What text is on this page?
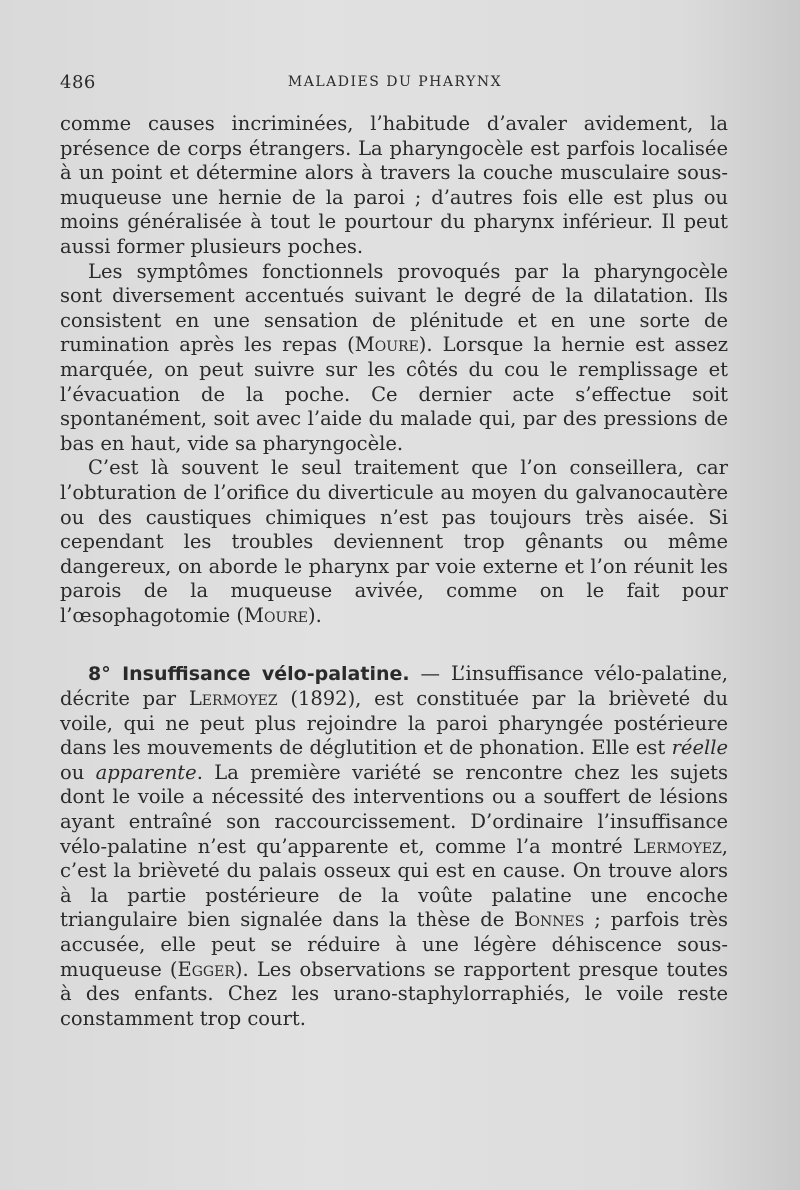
486	MALADIES DU PHARYNX

comme causes incriminées, l’habitude d’avaler avidement, la présence de corps étrangers. La pharyngocèle est parfois localisée à un point et détermine alors à travers la couche musculaire sous-muqueuse une hernie de la paroi ; d’autres fois elle est plus ou moins généralisée à tout le pourtour du pharynx inférieur. Il peut aussi former plusieurs poches.

Les symptômes fonctionnels provoqués par la pharyngocèle sont diversement accentués suivant le degré de la dilatation. Ils consistent en une sensation de plénitude et en une sorte de rumination après les repas (Moure). Lorsque la hernie est assez marquée, on peut suivre sur les côtés du cou le remplissage et l’évacuation de la poche. Ce dernier acte s’effectue soit spontanément, soit avec l’aide du malade qui, par des pressions de bas en haut, vide sa pharyngocèle.

C’est là souvent le seul traitement que l’on conseillera, car l’obturation de l’orifice du diverticule au moyen du galvanocautère ou des caustiques chimiques n’est pas toujours très aisée. Si cependant les troubles deviennent trop gênants ou même dangereux, on aborde le pharynx par voie externe et l’on réunit les parois de la muqueuse avivée, comme on le fait pour l’œsophagotomie (Moure).

8° Insuffisance vélo-palatine. — L’insuffisance vélo-palatine, décrite par Lermoyez (1892), est constituée par la brièveté du voile, qui ne peut plus rejoindre la paroi pharyngée postérieure dans les mouvements de déglutition et de phonation. Elle est réelle ou apparente. La première variété se rencontre chez les sujets dont le voile a nécessité des interventions ou a souffert de lésions ayant entraîné son raccourcissement. D’ordinaire l’insuffisance vélo-palatine n’est qu’apparente et, comme l’a montré Lermoyez, c’est la brièveté du palais osseux qui est en cause. On trouve alors à la partie postérieure de la voûte palatine une encoche triangulaire bien signalée dans la thèse de Bonnes ; parfois très accusée, elle peut se réduire à une légère déhiscence sous-muqueuse (Egger). Les observations se rapportent presque toutes à des enfants. Chez les urano-staphylorraphiés, le voile reste constamment trop court.
